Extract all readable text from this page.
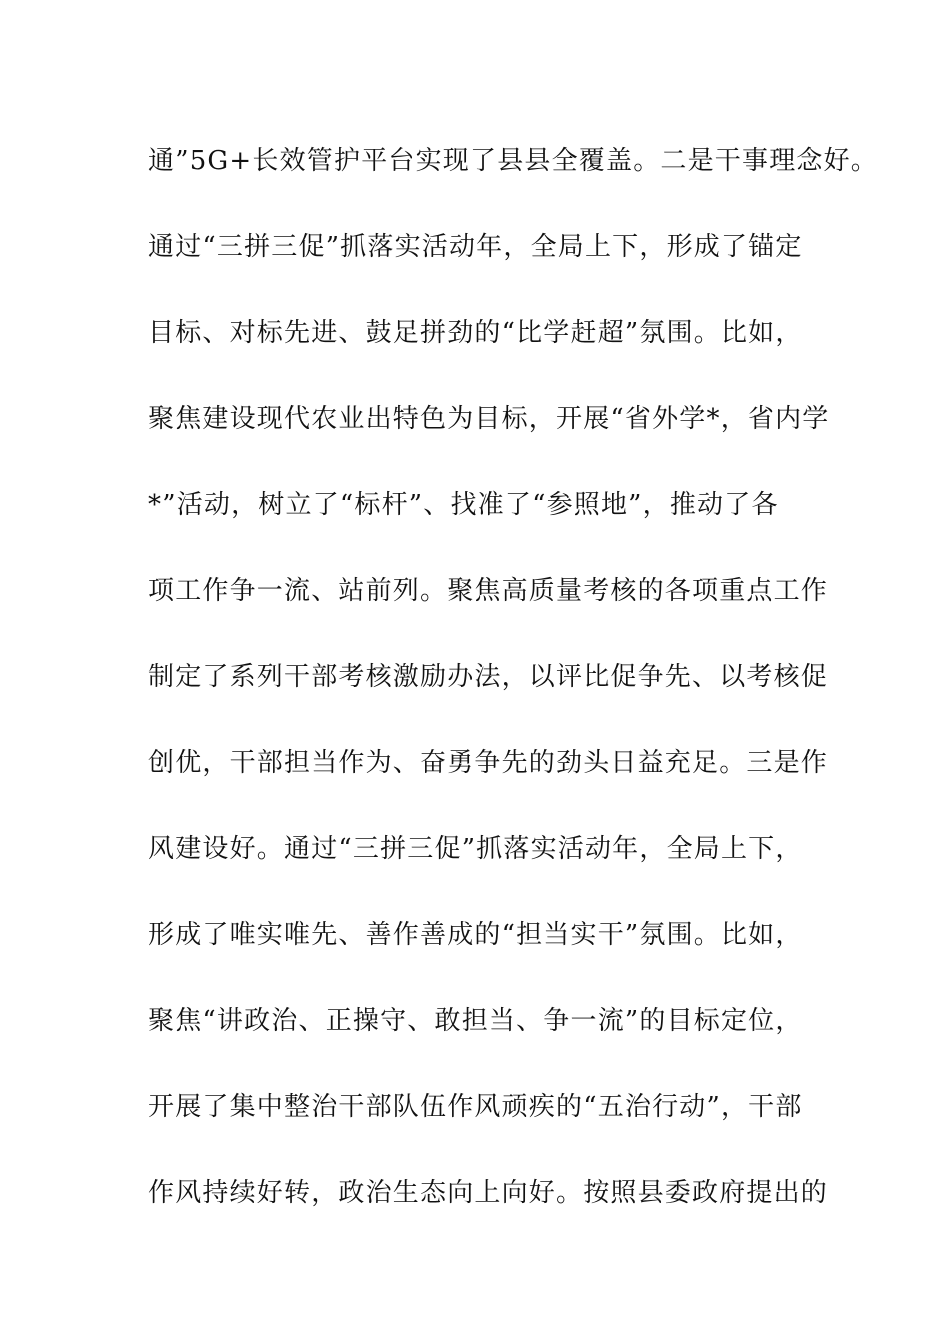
通”5G+长效管护平台实现了县县全覆盖。二是干事理念好。
通过“三拼三促”抓落实活动年，全局上下，形成了锚定
目标、对标先进、鼓足拼劲的“比学赶超”氛围。比如，
聚焦建设现代农业出特色为目标，开展“省外学*，省内学
*”活动，树立了“标杆”、找准了“参照地”，推动了各
项工作争一流、站前列。聚焦高质量考核的各项重点工作
制定了系列干部考核激励办法，以评比促争先、以考核促
创优，干部担当作为、奋勇争先的劲头日益充足。三是作
风建设好。通过“三拼三促”抓落实活动年，全局上下，
形成了唯实唯先、善作善成的“担当实干”氛围。比如，
聚焦“讲政治、正操守、敢担当、争一流”的目标定位，
开展了集中整治干部队伍作风顽疾的“五治行动”，干部
作风持续好转，政治生态向上向好。按照县委政府提出的
